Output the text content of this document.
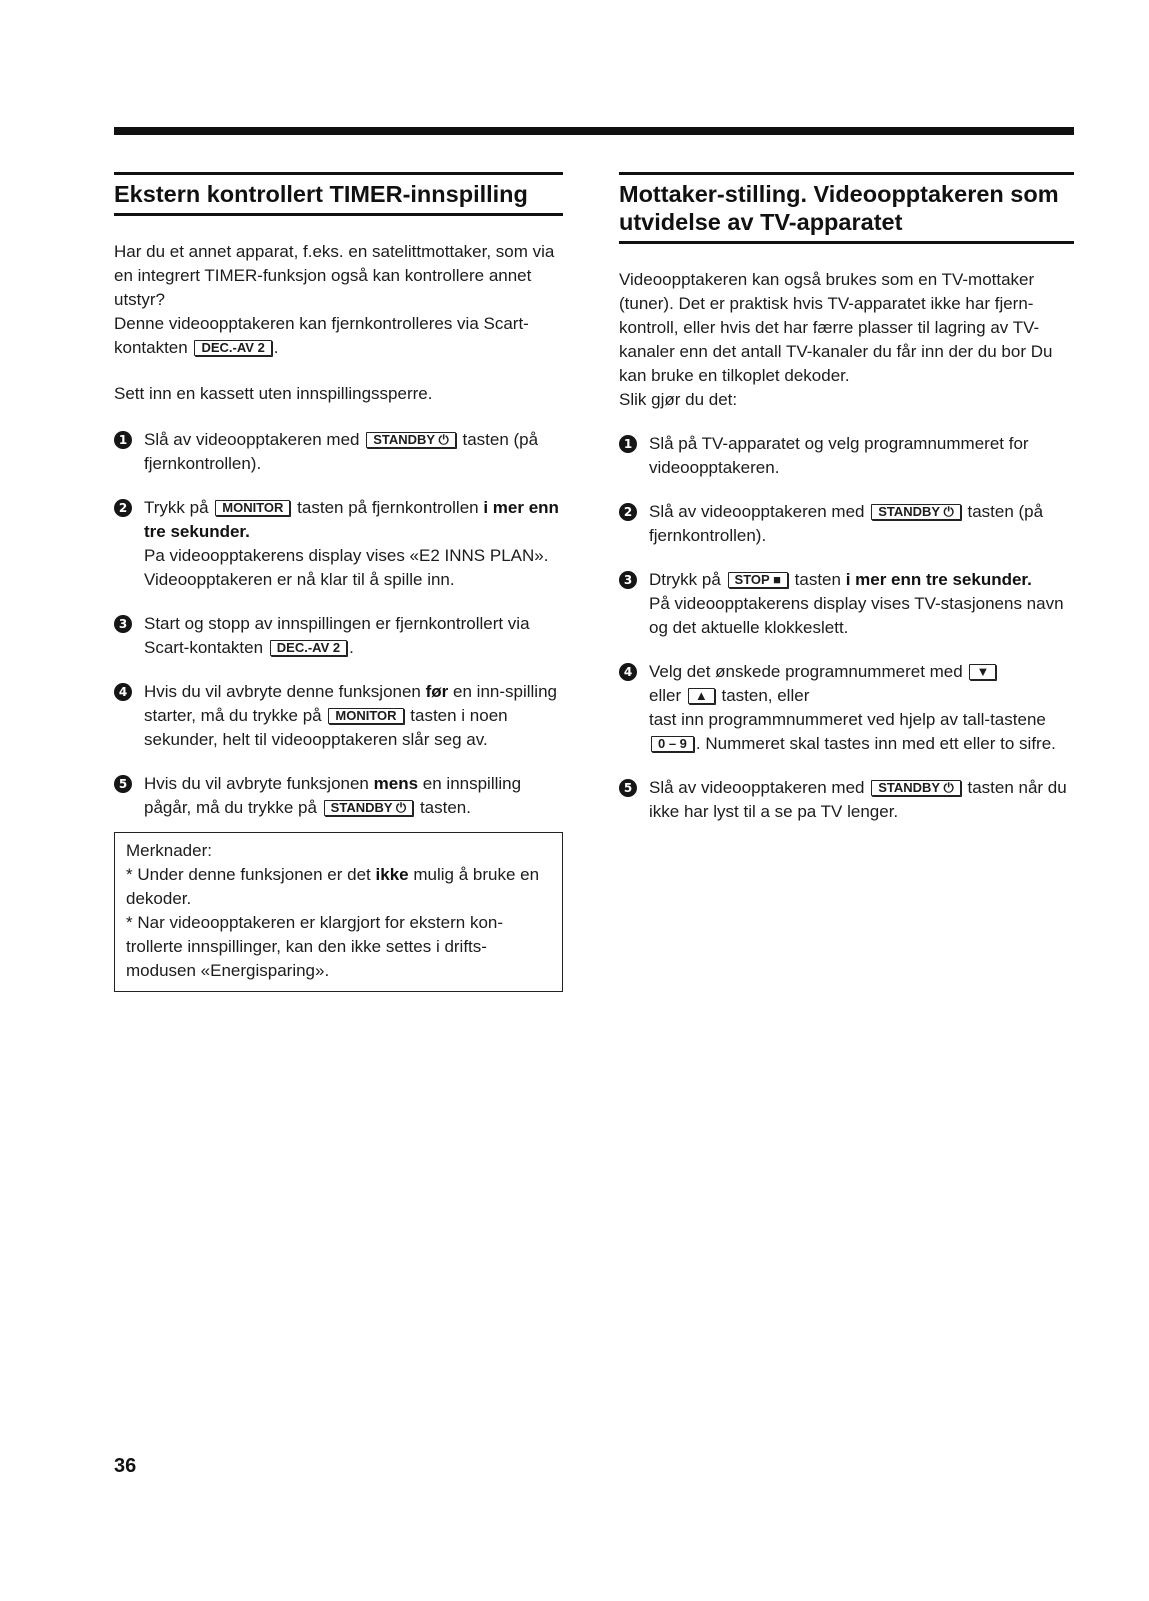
Ekstern kontrollert TIMER-innspilling

Har du et annet apparat, f.eks. en satelittmottaker, som via en integrert TIMER-funksjon også kan kontrollere annet utstyr?

Denne videoopptakeren kan fjernkontrolleres via Scart-kontakten DEC.-AV 2 .

Sett inn en kassett uten innspillingssperre.

1 Slå av videoopptakeren med STANDBY ⏻ tasten (på fjernkontrollen).
2 Trykk på MONITOR tasten på fjernkontrollen i mer enn tre sekunder.
Pa videoopptakerens display vises «E2 INNS PLAN».
Videoopptakeren er nå klar til å spille inn.
3 Start og stopp av innspillingen er fjernkontrollert via Scart-kontakten DEC.-AV 2 .
4 Hvis du vil avbryte denne funksjonen før en inn-spilling starter, må du trykke på MONITOR tasten i noen sekunder, helt til videoopptakeren slår seg av.
5 Hvis du vil avbryte funksjonen mens en innspilling pågår, må du trykke på STANDBY ⏻ tasten.
Merknader:
* Under denne funksjonen er det ikke mulig å bruke en dekoder.
* Nar videoopptakeren er klargjort for ekstern kon-trollerte innspillinger, kan den ikke settes i drifts-modusen «Energisparing».
Mottaker-stilling. Videoopptakeren som utvidelse av TV-apparatet

Videoopptakeren kan også brukes som en TV-mottaker (tuner). Det er praktisk hvis TV-apparatet ikke har fjern-kontroll, eller hvis det har færre plasser til lagring av TV-kanaler enn det antall TV-kanaler du får inn der du bor Du kan bruke en tilkoplet dekoder.

Slik gjør du det:

1 Slå på TV-apparatet og velg programnummeret for videoopptakeren.
2 Slå av videoopptakeren med STANDBY ⏻ tasten (på fjernkontrollen).
3 Dtrykk på STOP ■ tasten i mer enn tre sekunder.
På videoopptakerens display vises TV-stasjonens navn og det aktuelle klokkeslett.
4 Velg det ønskede programnummeret med ▼
eller ▲ tasten, eller
tast inn programmnummeret ved hjelp av tall-tastene 0 – 9 . Nummeret skal tastes inn med ett eller to sifre.
5 Slå av videoopptakeren med STANDBY ⏻ tasten når du ikke har lyst til a se pa TV lenger.
36
